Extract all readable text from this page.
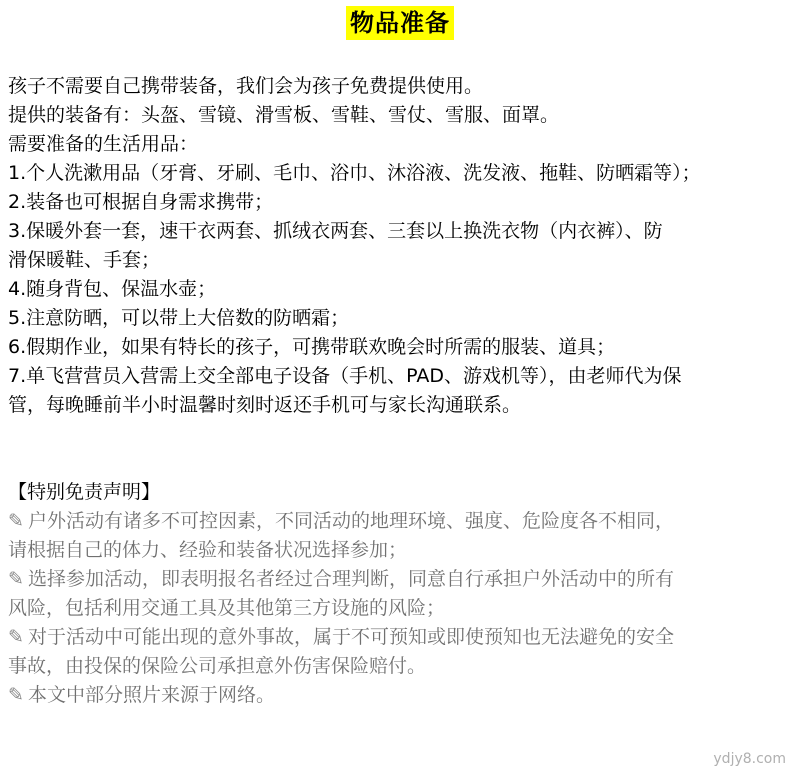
物品准备
孩子不需要自己携带装备，我们会为孩子免费提供使用。
提供的装备有：头盔、雪镜、滑雪板、雪鞋、雪仗、雪服、面罩。
需要准备的生活用品：
1.个人洗漱用品（牙膏、牙刷、毛巾、浴巾、沐浴液、洗发液、拖鞋、防晒霜等）；
2.装备也可根据自身需求携带；
3.保暖外套一套，速干衣两套、抓绒衣两套、三套以上换洗衣物（内衣裤）、防
滑保暖鞋、手套；
4.随身背包、保温水壶；
5.注意防晒，可以带上大倍数的防晒霜；
6.假期作业，如果有特长的孩子，可携带联欢晚会时所需的服装、道具；
7.单飞营营员入营需上交全部电子设备（手机、PAD、游戏机等），由老师代为保
管，每晚睡前半小时温馨时刻时返还手机可与家长沟通联系。
【特别免责声明】
✎ 户外活动有诸多不可控因素，不同活动的地理环境、强度、危险度各不相同，
请根据自己的体力、经验和装备状况选择参加；
✎ 选择参加活动，即表明报名者经过合理判断，同意自行承担户外活动中的所有
风险，包括利用交通工具及其他第三方设施的风险；
✎ 对于活动中可能出现的意外事故，属于不可预知或即使预知也无法避免的安全
事故，由投保的保险公司承担意外伤害保险赔付。
✎ 本文中部分照片来源于网络。
ydjy8.com
